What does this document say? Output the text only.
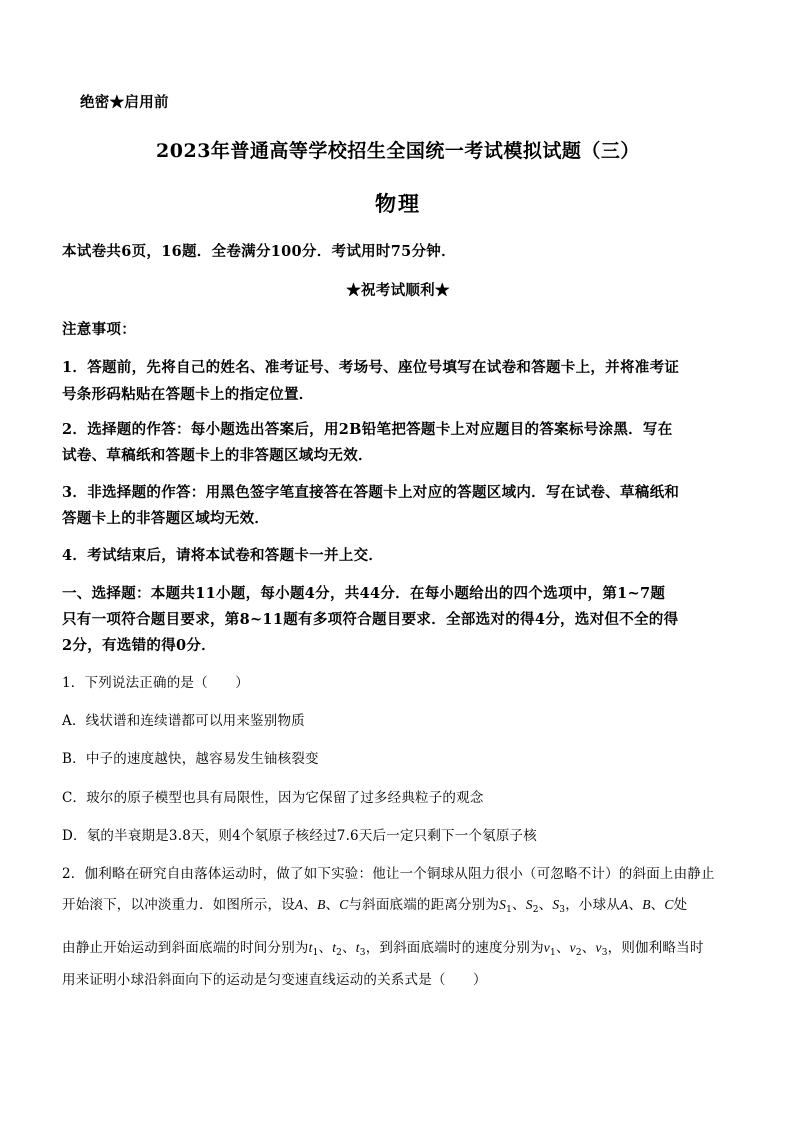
绝密★启用前
2023年普通高等学校招生全国统一考试模拟试题（三）
物理
本试卷共6页，16题．全卷满分100分．考试用时75分钟．
★祝考试顺利★
注意事项：
1．答题前，先将自己的姓名、准考证号、考场号、座位号填写在试卷和答题卡上，并将准考证
号条形码粘贴在答题卡上的指定位置．
2．选择题的作答：每小题选出答案后，用2B铅笔把答题卡上对应题目的答案标号涂黑．写在
试卷、草稿纸和答题卡上的非答题区域均无效．
3．非选择题的作答：用黑色签字笔直接答在答题卡上对应的答题区域内．写在试卷、草稿纸和
答题卡上的非答题区域均无效．
4．考试结束后，请将本试卷和答题卡一并上交．
一、选择题：本题共11小题，每小题4分，共44分．在每小题给出的四个选项中，第1~7题
只有一项符合题目要求，第8~11题有多项符合题目要求．全部选对的得4分，选对但不全的得
2分，有选错的得0分．
1．下列说法正确的是（　　）
A．线状谱和连续谱都可以用来鉴别物质
B．中子的速度越快，越容易发生铀核裂变
C．玻尔的原子模型也具有局限性，因为它保留了过多经典粒子的观念
D．氡的半衰期是3.8天，则4个氡原子核经过7.6天后一定只剩下一个氡原子核
2．伽利略在研究自由落体运动时，做了如下实验：他让一个铜球从阻力很小（可忽略不计）的斜面上由静止
开始滚下，以冲淡重力．如图所示，设A、B、C与斜面底端的距离分别为$S_1$、$S_2$、$S_3$，小球从A、B、C处
由静止开始运动到斜面底端的时间分别为$t_1$、$t_2$、$t_3$，到斜面底端时的速度分别为$v_1$、$v_2$、$v_3$，则伽利略当时
用来证明小球沿斜面向下的运动是匀变速直线运动的关系式是（　　）
